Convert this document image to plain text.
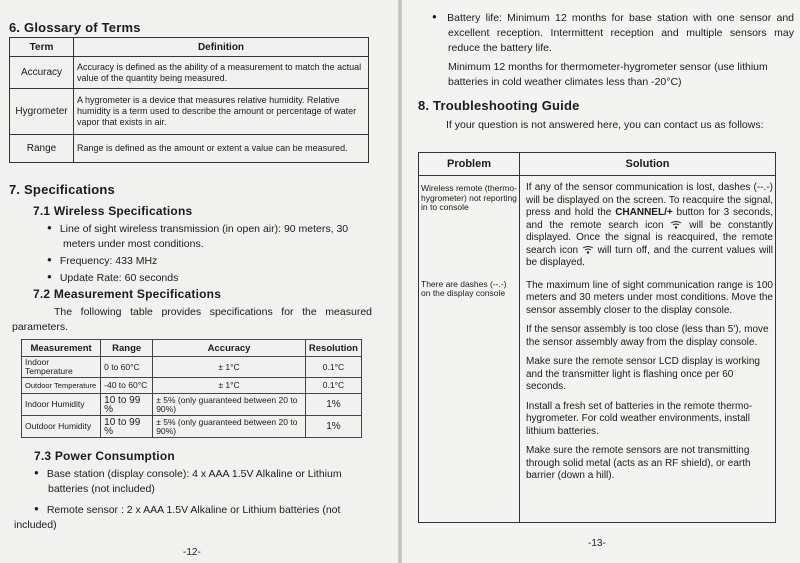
6. Glossary of Terms
Term	Definition
Accuracy	Accuracy is defined as the ability of a measurement to match the actual value of the quantity being measured.
Hygrometer	A hygrometer is a device that measures relative humidity. Relative humidity is a term used to describe the amount or percentage of water vapor that exists in air.
Range	Range is defined as the amount or extent a value can be measured.
7. Specifications
7.1 Wireless Specifications

● Line of sight wireless transmission (in open air): 90 meters, 30 meters under most conditions.

● Frequency: 433 MHz

● Update Rate: 60 seconds

7.2 Measurement Specifications

The following table provides specifications for the measured parameters.

Measurement	Range	Accuracy	Resolution
Indoor Temperature	0 to 60°C	± 1°C	0.1°C
Outdoor Temperature	-40 to 60°C	± 1°C	0.1°C
Indoor Humidity	10 to 99 %	± 5% (only guaranteed between 20 to 90%)	1%
Outdoor Humidity	10 to 99 %	± 5% (only guaranteed between 20 to 90%)	1%
7.3 Power Consumption

● Base station (display console): 4 x AAA 1.5V Alkaline or Lithium batteries (not included)

● Remote sensor : 2 x AAA 1.5V Alkaline or Lithium batteries (not included)

-12-

● Battery life: Minimum 12 months for base station with one sensor and excellent reception. Intermittent reception and multiple sensors may reduce the battery life.

Minimum 12 months for thermometer-hygrometer sensor (use lithium batteries in cold weather climates less than -20°C)

8. Troubleshooting Guide

If your question is not answered here, you can contact us as follows:

Problem	Solution
Wireless remote (thermo-hygrometer) not reporting in to console	If any of the sensor communication is lost, dashes (--.-) will be displayed on the screen. To reacquire the signal, press and hold the CHANNEL/+ button for 3 seconds, and the remote search icon will be constantly displayed. Once the signal is reacquired, the remote search icon will turn off, and the current values will be displayed.
There are dashes (--.-) on the display console	The maximum line of sight communication range is 100 meters and 30 meters under most conditions. Move the sensor assembly closer to the display console.

If the sensor assembly is too close (less than 5'), move the sensor assembly away from the display console.

Make sure the remote sensor LCD display is working and the transmitter light is flashing once per 60 seconds.

Install a fresh set of batteries in the remote thermo-hygrometer. For cold weather environments, install lithium batteries.

Make sure the remote sensors are not transmitting through solid metal (acts as an RF shield), or earth barrier (down a hill).

-13-
